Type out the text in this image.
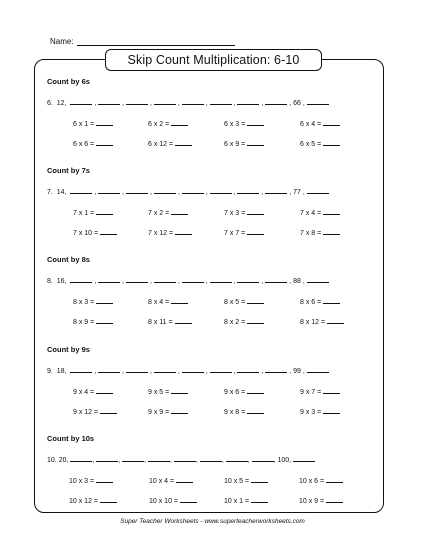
Name:
Skip Count Multiplication: 6-10
Count by 6s
6. 12,	,	,	,	,	,	,	,	, 66 ,
6 x 1 =	6 x 2 =	6 x 3 =	6 x 4 =
6 x 6 =	6 x 12 =	6 x 9 =	6 x 5 =
Count by 7s
7. 14,	,	,	,	,	,	,	,	, 77 ,
7 x 1 =	7 x 2 =	7 x 3 =	7 x 4 =
7 x 10 =	7 x 12 =	7 x 7 =	7 x 8 =
Count by 8s
8. 16,	,	,	,	,	,	,	,	, 88 ,
8 x 3 =	8 x 4 =	8 x 5 =	8 x 6 =
8 x 9 =	8 x 11 =	8 x 2 =	8 x 12 =
Count by 9s
9. 18,	,	,	,	,	,	,	,	, 99 ,
9 x 4 =	9 x 5 =	9 x 6 =	9 x 7 =
9 x 12 =	9 x 9 =	9 x 8 =	9 x 3 =
Count by 10s
10. 20,	,	,	,	,	,	,	,	, 100,
10 x 3 =	10 x 4 =	10 x 5 =	10 x 6 =
10 x 12 =	10 x 10 =	10 x 1 =	10 x 9 =
Super Teacher Worksheets - www.superteacherworksheets.com
